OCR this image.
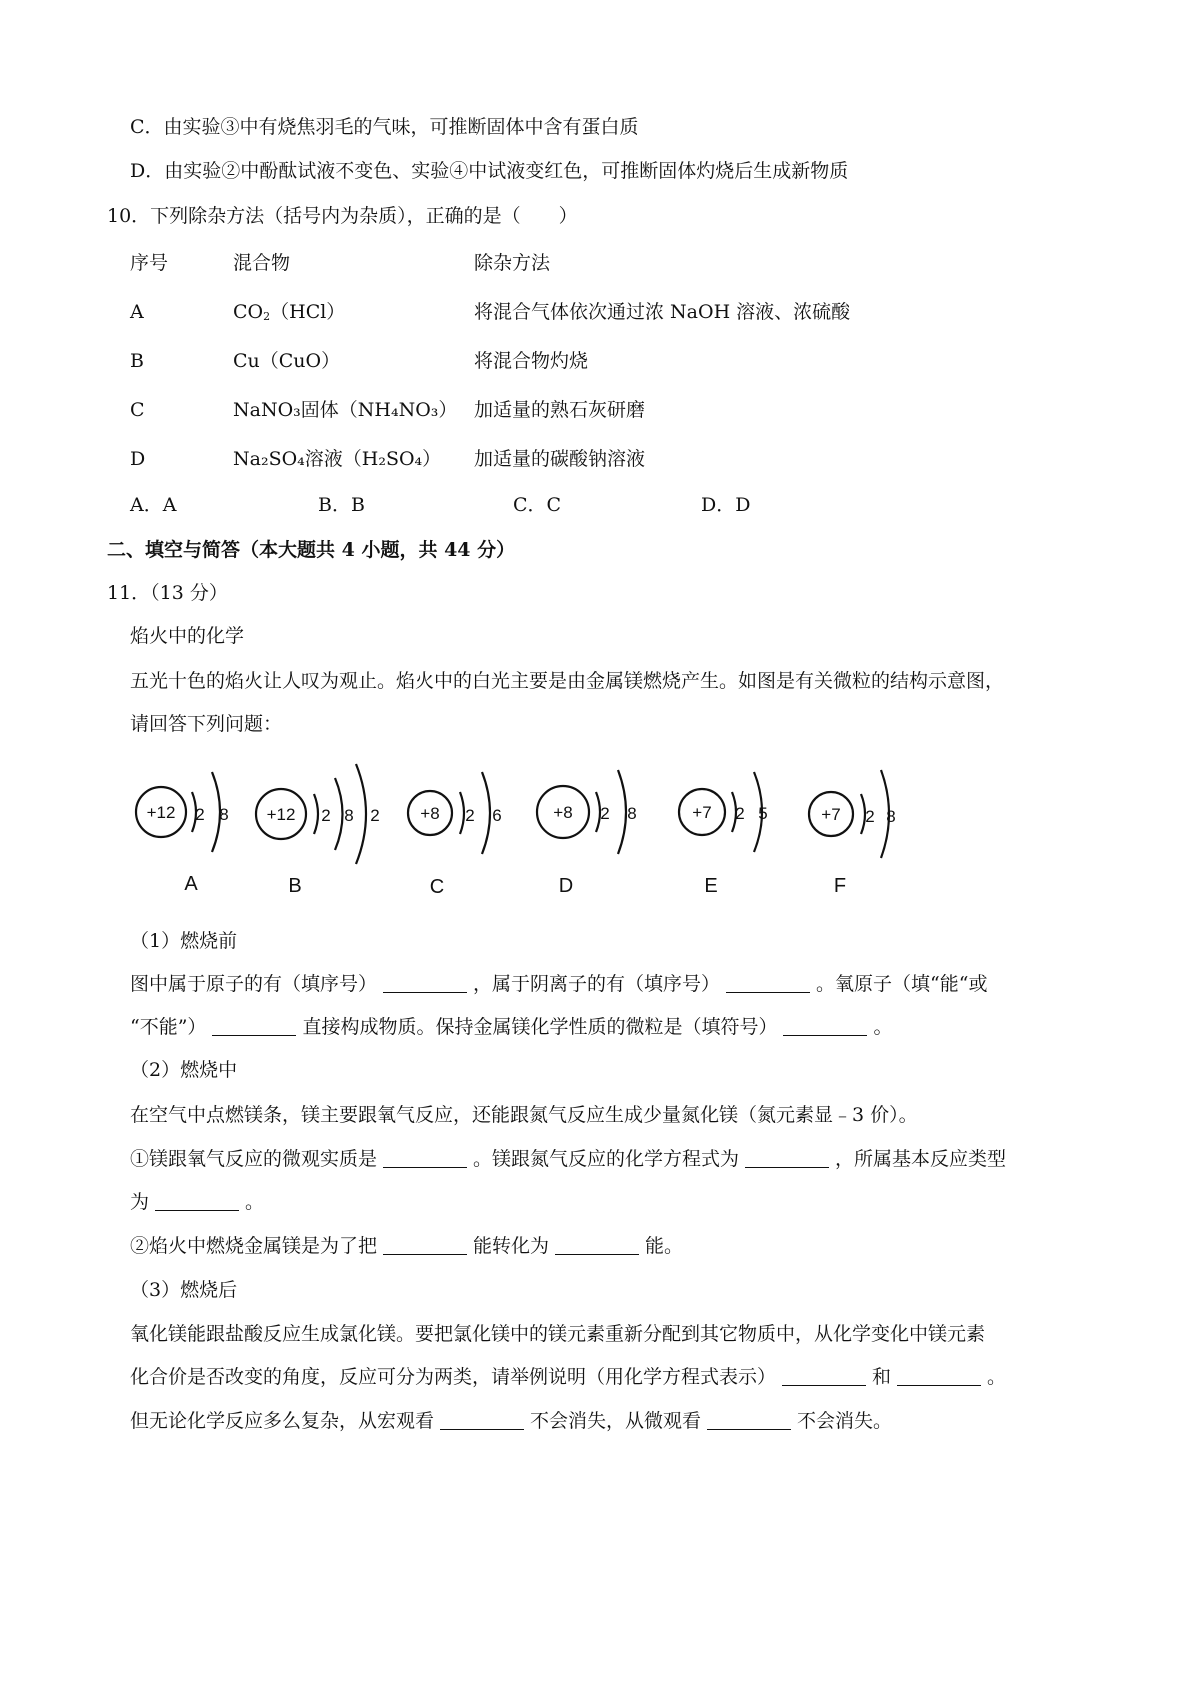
C．由实验③中有烧焦羽毛的气味，可推断固体中含有蛋白质
D．由实验②中酚酞试液不变色、实验④中试液变红色，可推断固体灼烧后生成新物质
10．下列除杂方法（括号内为杂质），正确的是（　　）
序号	混合物	除杂方法
A	$CO_2(HCl)$	将混合气体依次通过浓 NaOH 溶液、浓硫酸
B	Cu（CuO）	将混合物灼烧
C	NaNO₃固体（NH₄NO₃） 加适量的熟石灰研磨
D	Na₂SO₄溶液（H₂SO₄） 加适量的碳酸钠溶液
A．A	B．B	C．C	D．D
二、填空与简答（本大题共 4 小题，共 44 分）
11．（13 分）
焰火中的化学
五光十色的焰火让人叹为观止。焰火中的白光主要是由金属镁燃烧产生。如图是有关微粒的结构示意图，
请回答下列问题：
+12 2 8
A
+12 2 8 2
B
+8 2 6
C
+8 2 8
D
+7 2 5
E
+7 2 8
F
（1）燃烧前
图中属于原子的有（填序号）	，属于阴离子的有（填序号）	。氧原子（填“能“或
“不能”）	直接构成物质。保持金属镁化学性质的微粒是（填符号）	。
（2）燃烧中
在空气中点燃镁条，镁主要跟氧气反应，还能跟氮气反应生成少量氮化镁（氮元素显﹣3 价）。
①镁跟氧气反应的微观实质是	。镁跟氮气反应的化学方程式为	，所属基本反应类型
为	。
②焰火中燃烧金属镁是为了把	能转化为	能。
（3）燃烧后
氧化镁能跟盐酸反应生成氯化镁。要把氯化镁中的镁元素重新分配到其它物质中，从化学变化中镁元素
化合价是否改变的角度，反应可分为两类，请举例说明（用化学方程式表示）	和	。
但无论化学反应多么复杂，从宏观看	不会消失，从微观看	不会消失。
